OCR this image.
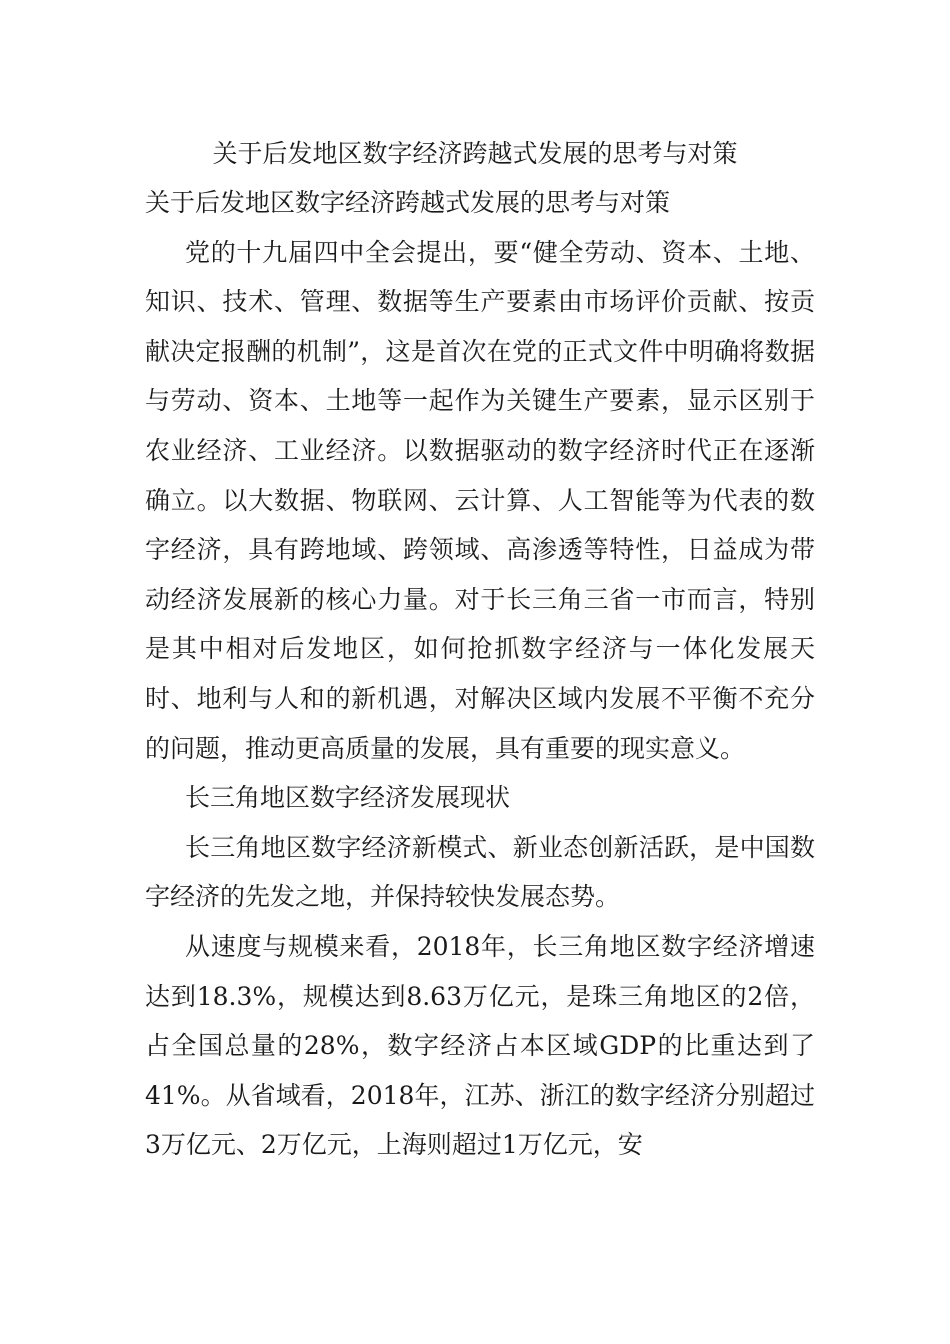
关于后发地区数字经济跨越式发展的思考与对策

关于后发地区数字经济跨越式发展的思考与对策

党的十九届四中全会提出，要“健全劳动、资本、土地、知识、技术、管理、数据等生产要素由市场评价贡献、按贡献决定报酬的机制”，这是首次在党的正式文件中明确将数据与劳动、资本、土地等一起作为关键生产要素，显示区别于农业经济、工业经济。以数据驱动的数字经济时代正在逐渐确立。以大数据、物联网、云计算、人工智能等为代表的数字经济，具有跨地域、跨领域、高渗透等特性，日益成为带动经济发展新的核心力量。对于长三角三省一市而言，特别是其中相对后发地区，如何抢抓数字经济与一体化发展天时、地利与人和的新机遇，对解决区域内发展不平衡不充分的问题，推动更高质量的发展，具有重要的现实意义。

长三角地区数字经济发展现状

长三角地区数字经济新模式、新业态创新活跃，是中国数字经济的先发之地，并保持较快发展态势。

从速度与规模来看，2018年，长三角地区数字经济增速达到18.3%，规模达到8.63万亿元，是珠三角地区的2倍，占全国总量的28%，数字经济占本区域GDP的比重达到了41%。从省域看，2018年，江苏、浙江的数字经济分别超过3万亿元、2万亿元，上海则超过1万亿元，安
